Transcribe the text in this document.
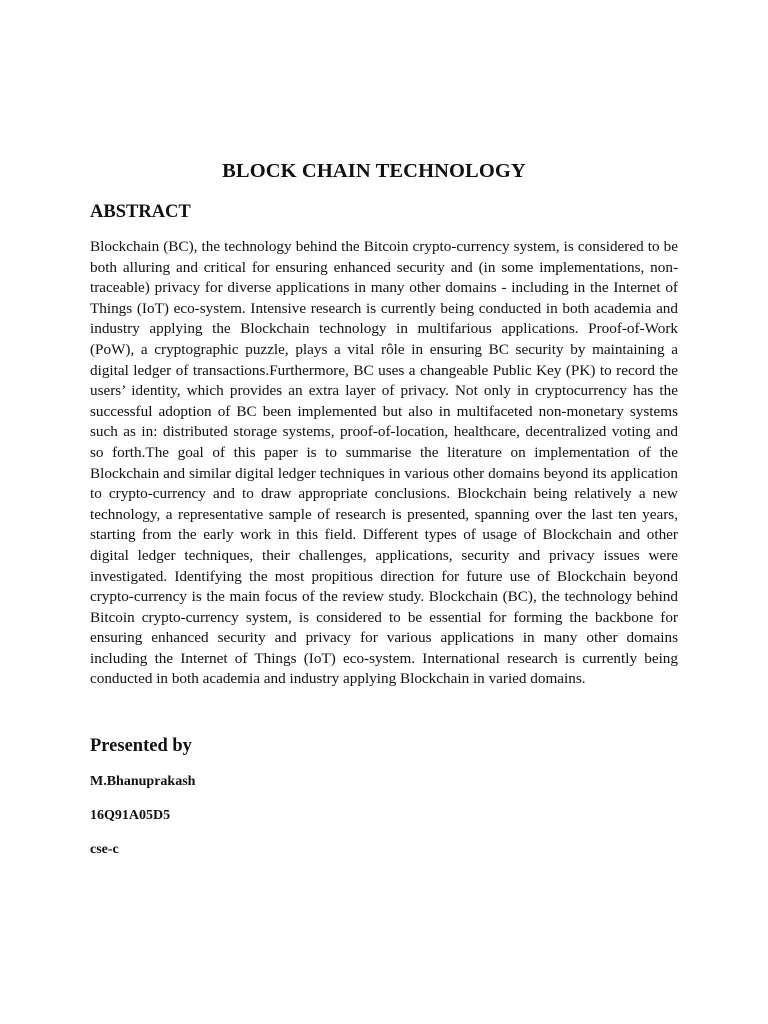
BLOCK CHAIN TECHNOLOGY
ABSTRACT

Blockchain (BC), the technology behind the Bitcoin crypto-currency system, is considered to be both alluring and critical for ensuring enhanced security and (in some implementations, non-traceable) privacy for diverse applications in many other domains - including in the Internet of Things (IoT) eco-system. Intensive research is currently being conducted in both academia and industry applying the Blockchain technology in multifarious applications. Proof-of-Work (PoW), a cryptographic puzzle, plays a vital rôle in ensuring BC security by maintaining a digital ledger of transactions.Furthermore, BC uses a changeable Public Key (PK) to record the users’ identity, which provides an extra layer of privacy. Not only in cryptocurrency has the successful adoption of BC been implemented but also in multifaceted non-monetary systems such as in: distributed storage systems, proof-of-location, healthcare, decentralized voting and so forth.The goal of this paper is to summarise the literature on implementation of the Blockchain and similar digital ledger techniques in various other domains beyond its application to crypto-currency and to draw appropriate conclusions. Blockchain being relatively a new technology, a representative sample of research is presented, spanning over the last ten years, starting from the early work in this field. Different types of usage of Blockchain and other digital ledger techniques, their challenges, applications, security and privacy issues were investigated. Identifying the most propitious direction for future use of Blockchain beyond crypto-currency is the main focus of the review study. Blockchain (BC), the technology behind Bitcoin crypto-currency system, is considered to be essential for forming the backbone for ensuring enhanced security and privacy for various applications in many other domains including the Internet of Things (IoT) eco-system. International research is currently being conducted in both academia and industry applying Blockchain in varied domains.

Presented by

M.Bhanuprakash

16Q91A05D5

cse-c
